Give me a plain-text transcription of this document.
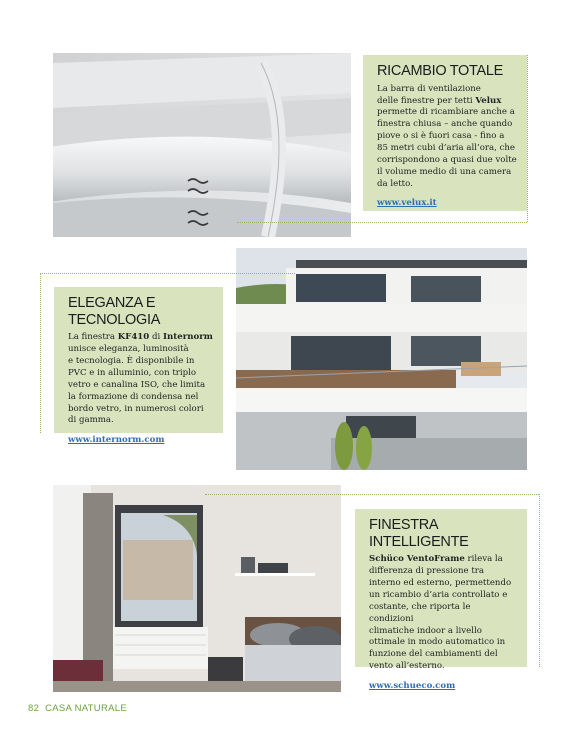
RICAMBIO TOTALE

La barra di ventilazione
delle finestre per tetti Velux
permette di ricambiare anche a
finestra chiusa – anche quando
piove o si è fuori casa - fino a
85 metri cubi d’aria all’ora, che
corrispondono a quasi due volte
il volume medio di una camera
da letto.

www.velux.it
ELEGANZA E TECNOLOGIA

La finestra KF410 di Internorm
unisce eleganza, luminosità
e tecnologia. È disponibile in
PVC e in alluminio, con triplo
vetro e canalina ISO, che limita
la formazione di condensa nel
bordo vetro, in numerosi colori
di gamma.

www.internorm.com
FINESTRA INTELLIGENTE

Schüco VentoFrame rileva la
differenza di pressione tra
interno ed esterno, permettendo
un ricambio d’aria controllato e
costante, che riporta le condizioni
climatiche indoor a livello
ottimale in modo automatico in
funzione del cambiamenti del
vento all’esterno.

www.schueco.com
82 CASA NATURALE
